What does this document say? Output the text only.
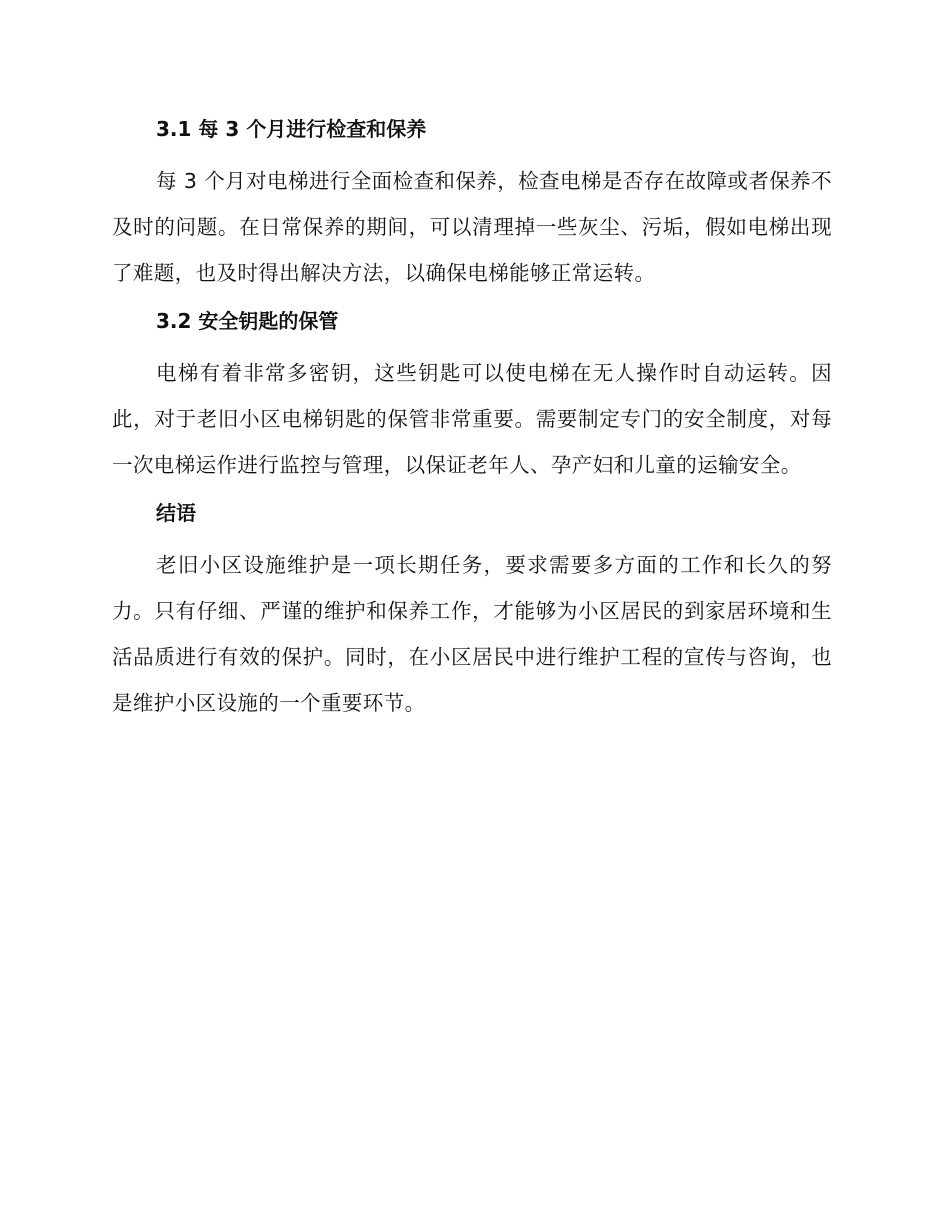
3.1 每 3 个月进行检查和保养

每 3 个月对电梯进行全面检查和保养，检查电梯是否存在故障或者保养不及时的问题。在日常保养的期间，可以清理掉一些灰尘、污垢，假如电梯出现了难题，也及时得出解决方法，以确保电梯能够正常运转。

3.2 安全钥匙的保管

电梯有着非常多密钥，这些钥匙可以使电梯在无人操作时自动运转。因此，对于老旧小区电梯钥匙的保管非常重要。需要制定专门的安全制度，对每一次电梯运作进行监控与管理，以保证老年人、孕产妇和儿童的运输安全。

结语

老旧小区设施维护是一项长期任务，要求需要多方面的工作和长久的努力。只有仔细、严谨的维护和保养工作，才能够为小区居民的到家居环境和生活品质进行有效的保护。同时，在小区居民中进行维护工程的宣传与咨询，也是维护小区设施的一个重要环节。
